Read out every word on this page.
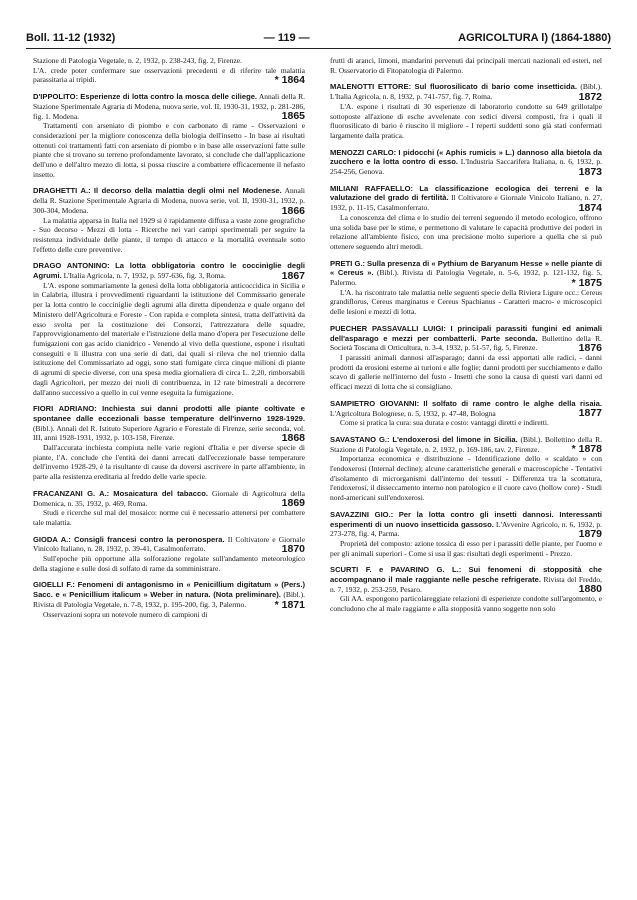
Boll. 11-12 (1932)	— 119 —	AGRICOLTURA l) (1864-1880)

Stazione di Patologia Vegetale, n. 2, 1932, p. 238-243, fig. 2, Firenze.

L'A. crede poter confermare sue osservazioni precedenti e di riferire tale malattia parassitaria ai tripidi.	* 1864

D'IPPOLITO: Esperienze di lotta contro la mosca delle ciliege. Annali della R. Stazione Sperimentale Agraria di Modena, nuova serie, vol. II, 1930-31, 1932, p. 281-286, fig. 1. Modena.	1865

Trattamenti con arseniato di piombo e con carbonato di rame - Osservazioni e considerazioni per la migliore conoscenza della biologia dell'insetto - In base ai risultati ottenuti coi trattamenti fatti con arseniato di piombo e in base alle osservazioni fatte sulle piante che si trovano su terreno profondamente lavorato, si conclude che dall'applicazione dell'uno e dell'altro mezzo di lotta, si possa riuscire a combattere efficacemente il nefasto insetto.

DRAGHETTI A.: Il decorso della malattia degli olmi nel Modenese. Annali della R. Stazione Sperimentale Agraria di Modena, nuova serie, vol. II, 1930-31, 1932, p. 300-304, Modena.	1866

La malattia apparsa in Italia nel 1929 si è rapidamente diffusa a vaste zone geografiche - Suo decorso - Mezzi di lotta - Ricerche nei vari campi sperimentali per seguire la resistenza individuale delle piante, il tempo di attacco e la mortalità eventuale sotto l'effetto delle cure preventive.

DRAGO ANTONINO: La lotta obbligatoria contro le coccinìglie degli Agrumi. L'Italia Agricola, n. 7, 1932, p. 597-636, fig. 3, Roma.	1867

L'A. espone sommariamente la genesi della lotta obbligatoria anticoccidica in Sicilia e in Calabria, illustra i provvedimenti riguardanti la istituzione del Commissario generale per la lotta contro le coccinìglie degli agrumi alla diretta dipendenza e quale organo del Ministero dell'Agricoltura e Foreste - Con rapida e completa sintesi, tratta dell'attività da esso svolta per la costituzione dei Consorzi, l'attrezzatura delle squadre, l'approvvigionamento del materiale e l'istruzione della mano d'opera per l'esecuzione delle fumigazioni con gas acido cianidrico - Venendo al vivo della questione, espone i risultati conseguiti e li illustra con una serie di dati, dai quali si rileva che nel triennio dalla istituzione del Commissariato ad oggi, sono stati fumigate circa cinque milioni di piante di agrumi di specie diverse, con una spesa media giornaliera di circa L. 2,20, rimborsabili dagli Agricoltori, per mezzo dei ruoli di contribuenza, in 12 rate bimestrali a decorrere dall'anno successivo a quello in cui venne eseguita la fumigazione.

FIORI ADRIANO: Inchiesta sui danni prodotti alle piante coltivate e spontanee dalle eccezionali basse temperature dell'inverno 1928-1929. (Bibl.). Annali del R. Istituto Superiore Agrario e Forestale di Firenze, serie seconda, vol. III, anni 1928-1931, 1932, p. 103-158, Firenze.	1868

Dall'accurata inchiesta compiuta nelle varie regioni d'Italia e per diverse specie di piante, l'A. conclude che l'entità dei danni arrecati dall'eccezionale basse temperature dell'inverno 1928-29, è la risultante di cause da doversi ascrivere in parte all'ambiente, in parte alla resistenza ereditaria al freddo delle varie specie.

FRACANZANI G. A.: Mosaicatura del tabacco. Giornale di Agricoltura della Domenica, n. 35, 1932, p. 469, Roma.	1869

Studi e ricerche sul mal del mosaico: norme cui è necessario attenersi per combattere tale malattia.

GIODA A.: Consigli francesi contro la peronospera. Il Coltivatore e Giornale Vinicolo Italiano, n. 28, 1932, p. 39-41, Casalmonferrato.	1870

Sull'epoche più opportune alla solforazione regolate sull'andamento meteorologico della stagione e sulle dosi di solfato di rame da somministrare.

GIOELLI F.: Fenomeni di antagonismo in « Penicillium digitatum » (Pers.) Sacc. e « Penicillium italicum » Weber in natura. (Nota preliminare). (Bibl.). Rivista di Patologia Vegetale, n. 7-8, 1932, p. 195-200, fig. 3, Palermo.	* 1871

Osservazioni sopra un notevole numero di campioni di

frutti di aranci, limoni, mandarini pervenuti dai principali mercati nazionali ed esteri, nel R. Osservatorio di Fitopatologia di Palermo.

MALENOTTI ETTORE: Sul fluorosilicato di bario come insetticida. (Bibl.). L'Italia Agricola, n. 8, 1932, p. 741-757, fig. 7, Roma.	1872

L'A. espone i risultati di 30 esperienze di laboratorio condotte su 649 grillotalpe sottoposte all'azione di esche avvelenate con sedici diversi composti, fra i quali il fluorosilicato di bario è riuscito il migliore - I reperti suddetti sono già stati confermati largamente dalla pratica.

MENOZZI CARLO: I pidocchi (« Aphis rumicis » L.) dannoso alla bietola da zucchero e la lotta contro di esso. L'Industria Saccarifera Italiana, n. 6, 1932, p. 254-256, Genova.	1873

MILIANI RAFFAELLO: La classificazione ecologica dei terreni e la valutazione del grado di fertilità. Il Coltivatore e Giornale Vinicolo Italiano, n. 27, 1932, p. 11-15, Casalmonferrato.	1874

La conoscenza del clima e lo studio dei terreni seguendo il metodo ecologico, offrono una solida base per le stime, e permettono di valutare le capacità produttive dei poderi in relazione all'ambiente fisico, con una precisione molto superiore a quella che si può ottenere seguendo altri metodi.

PRETI G.: Sulla presenza di « Pythium de Baryanum Hesse » nelle piante di « Cereus ». (Bibl.). Rivista di Patologia Vegetale, n. 5-6, 1932, p. 121-132, fig. 5, Palermo.	* 1875

L'A. ha riscontrato tale malattia nelle seguenti specie della Riviera Ligure occ.: Cereus grandiflorus, Cereus marginatus e Cereus Spachianus - Caratteri macro- e microscopici delle lesioni e mezzi di lotta.

PUECHER PASSAVALLI LUIGI: I principali parassiti fungini ed animali dell'asparago e mezzi per combatterli. Parte seconda. Bullettino della R. Società Toscana di Orticultura, n. 3-4, 1932, p. 51-57, fig. 5, Firenze.	1876

I parassiti animali dannosi all'asparago; danni da essi apportati alle radici, - danni prodotti da erosioni esterne ai turioni e alle foglie; danni prodotti per succhiamento e dallo scavo di gallerie nell'interno del fusto - Insetti che sono la causa di questi vari danni ed efficaci mezzi di lotta che si consigliano.

SAMPIETRO GIOVANNI: Il solfato di rame contro le alghe della risaia. L'Agricoltura Bolognese, n. 5, 1932, p. 47-48, Bologna	1877

Come si pratica la cura: sua durata e costo: vantaggi diretti e indiretti.

SAVASTANO G.: L'endoxerosi del limone in Sicilia. (Bibl.). Bollettino della R. Stazione di Patologia Vegetale, n. 2, 1932, p. 169-186, tav. 2, Firenze.	* 1878

Importanza economica e distribuzione - Identificazione dello « scaldato » con l'endoxerosi (Internal decline); alcune caratteristiche generali e macroscopiche - Tentativi d'isolamento di microrganismi dall'interno dei tessuti - Differenza tra la scottatura, l'endoxerosi, il disseccamento interno non patologico e il cuore cavo (hollow core) - Studi nord-americani sull'endoxerosi.

SAVAZZINI GIO.: Per la lotta contro gli insetti dannosi. Interessanti esperimenti di un nuovo insetticida gassoso. L'Avvenire Agricolo, n. 6, 1932, p. 273-278, fig. 4, Parma.	1879

Proprietà del composto: azione tossica di esso per i parassiti delle piante, per l'uomo e per gli animali superiori - Come si usa il gas: risultati degli esperimenti - Prezzo.

SCURTI F. e PAVARINO G. L.: Sui fenomeni di stopposità che accompagnano il male raggiante nelle pesche refrigerate. Rivista del Freddo, n. 7, 1932, p. 253-259, Pesaro.	1880

Gli AA. espongono particolareggiate relazioni di esperienze condotte sull'argomento, e concludono che al male raggiante e alla stopposità vanno soggette non solo
